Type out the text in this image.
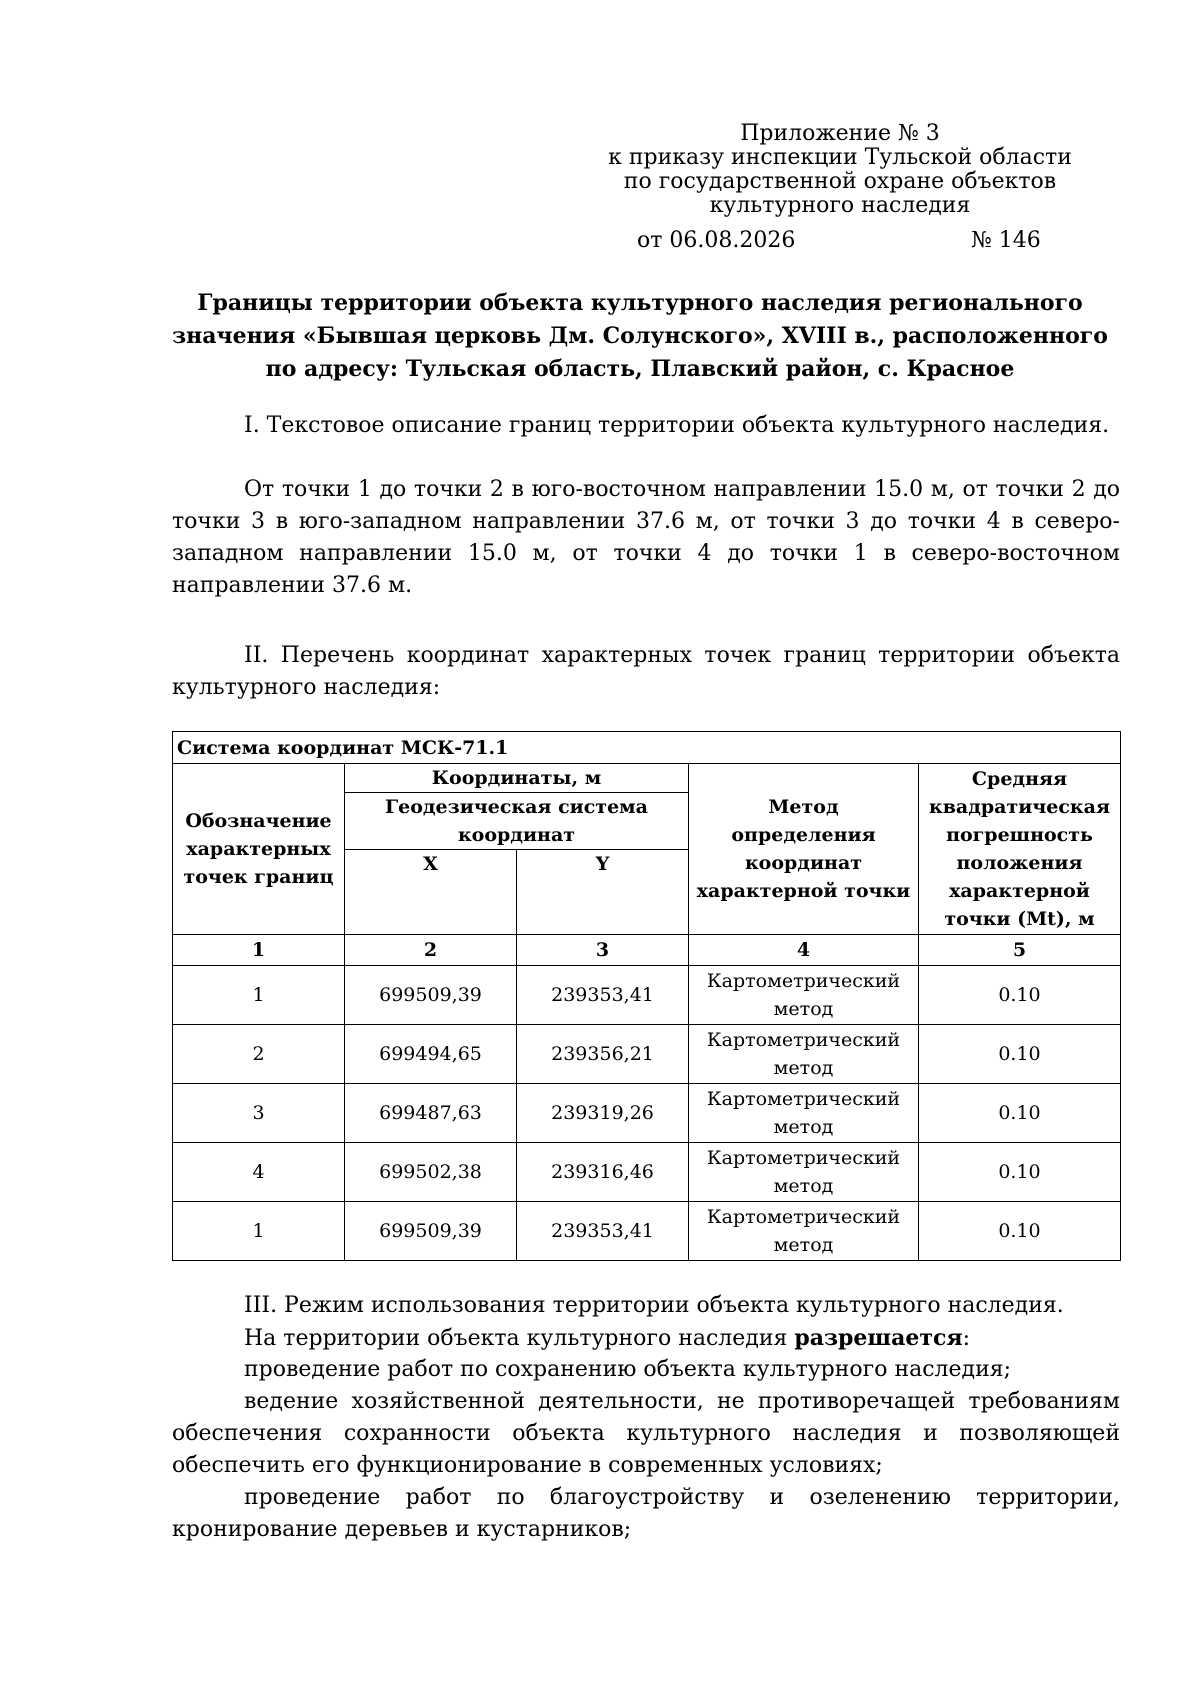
Приложение № 3
к приказу инспекции Тульской области
по государственной охране объектов
культурного наследия
от 06.08.2026	№ 146
Границы территории объекта культурного наследия регионального
значения «Бывшая церковь Дм. Солунского», XVIII в., расположенного
по адресу: Тульская область, Плавский район, с. Красное
I. Текстовое описание границ территории объекта культурного наследия.
От точки 1 до точки 2 в юго-восточном направлении 15.0 м, от точки 2 до точки 3 в юго-западном направлении 37.6 м, от точки 3 до точки 4 в северо-западном направлении 15.0 м, от точки 4 до точки 1 в северо-восточном направлении 37.6 м.
II. Перечень координат характерных точек границ территории объекта культурного наследия:
Система координат МСК-71.1				
Обозначение характерных точек границ	Координаты, м		Метод определения координат характерной точки	Средняя квадратическая погрешность положения характерной точки (Mt), м
	Геодезическая система координат			
	X	Y		
1	2	3	4	5
1	699509,39	239353,41	Картометрический метод	0.10
2	699494,65	239356,21	Картометрический метод	0.10
3	699487,63	239319,26	Картометрический метод	0.10
4	699502,38	239316,46	Картометрический метод	0.10
1	699509,39	239353,41	Картометрический метод	0.10
III. Режим использования территории объекта культурного наследия.
На территории объекта культурного наследия разрешается:
проведение работ по сохранению объекта культурного наследия;
ведение хозяйственной деятельности, не противоречащей требованиям обеспечения сохранности объекта культурного наследия и позволяющей обеспечить его функционирование в современных условиях;
проведение работ по благоустройству и озеленению территории, кронирование деревьев и кустарников;
